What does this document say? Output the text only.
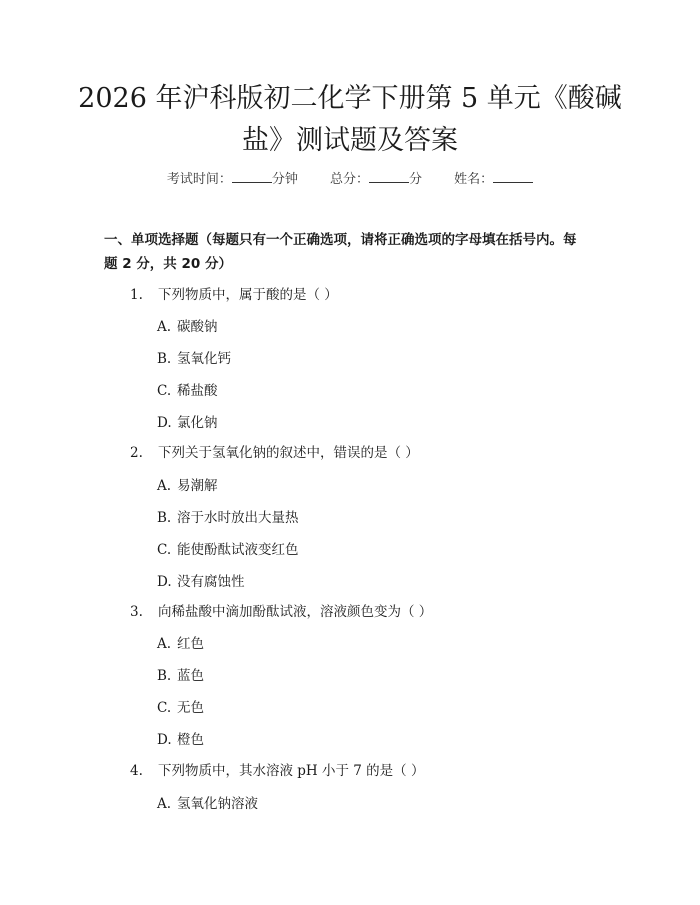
2026 年沪科版初二化学下册第 5 单元《酸碱
盐》测试题及答案
考试时间：	分钟 总分：	分 姓名：
一、单项选择题（每题只有一个正确选项，请将正确选项的字母填在括号内。每
题 2 分，共 20 分）
1. 下列物质中，属于酸的是（ ）
A. 碳酸钠
B. 氢氧化钙
C. 稀盐酸
D. 氯化钠
2. 下列关于氢氧化钠的叙述中，错误的是（ ）
A. 易潮解
B. 溶于水时放出大量热
C. 能使酚酞试液变红色
D. 没有腐蚀性
3. 向稀盐酸中滴加酚酞试液，溶液颜色变为（ ）
A. 红色
B. 蓝色
C. 无色
D. 橙色
4. 下列物质中，其水溶液 pH 小于 7 的是（ ）
A. 氢氧化钠溶液
